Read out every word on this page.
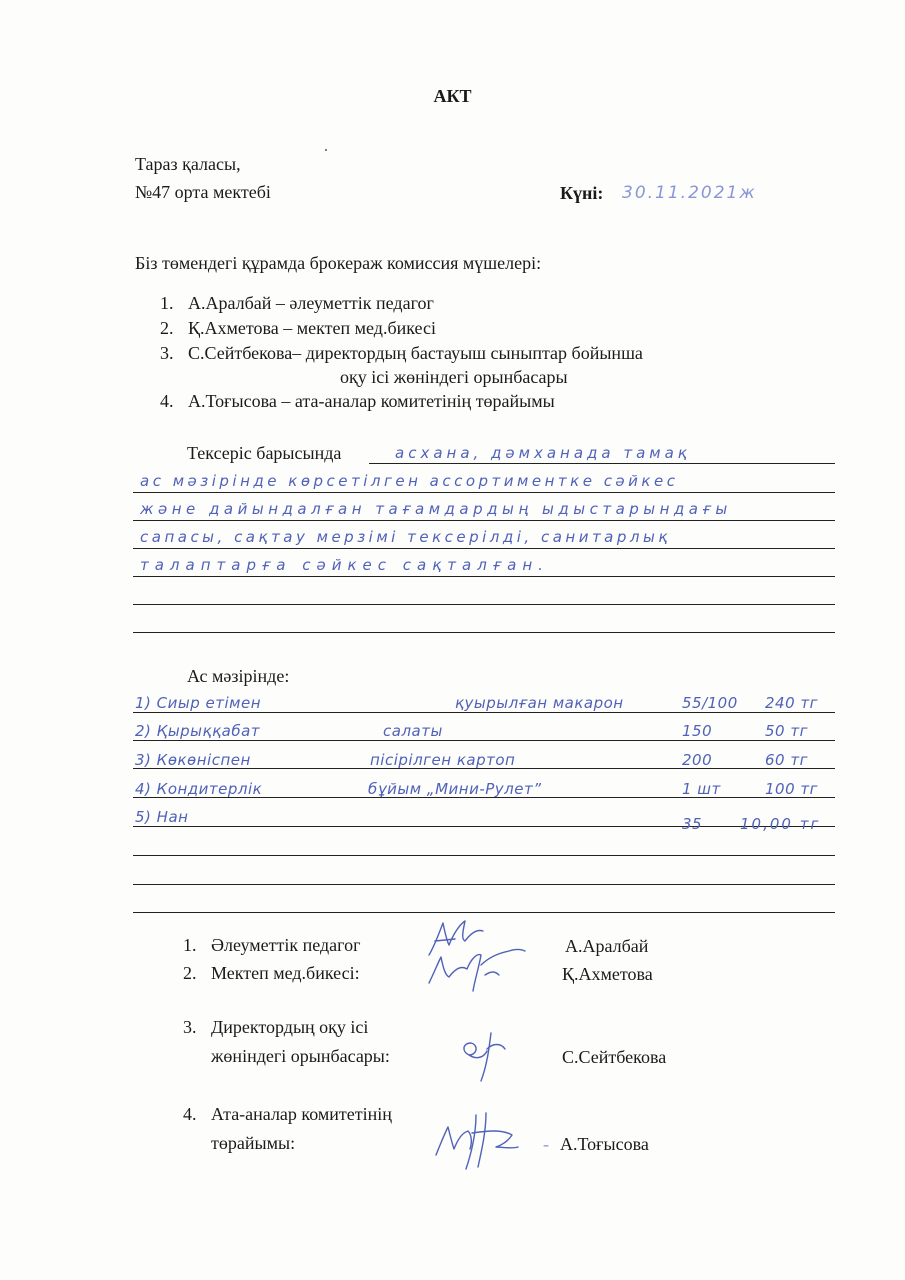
АКТ
Тараз қаласы,
№47 орта мектебі	Күні: 30.11.2021ж
Біз төмендегі құрамда брокераж комиссия мүшелері:
1. А.Аралбай – әлеуметтік педагог
2. Қ.Ахметова – мектеп мед.бикесі
3. С.Сейтбекова– директордың бастауыш сыныптар бойынша
оқу ісі жөніндегі орынбасары
4. А.Тоғысова – ата-аналар комитетінің төрайымы
Тексеріс барысында	асхана, дәмханада тамақ
ас мәзірінде көрсетілген ассортиментке сәйкес
және дайындалған тағамдардың ыдыстарындағы
сапасы, сақтау мерзімі тексерілді, санитарлық
талаптарға сәйкес сақталған.
Ас мәзірінде:
1) Сиыр етімен	қуырылған макарон	55/100 240 тг
2) Қырыққабат	салаты	150	50 тг
3) Көкөніспен	пісірілген картоп	200	60 тг
4) Кондитерлік	бұйым „Мини-Рулет”	1 шт	100 тг
5) Нан	35	10,00 тг
1. Әлеуметтік педагог	А.Аралбай
2. Мектеп мед.бикесі:	Қ.Ахметова
3. Директордың оқу ісі
жөніндегі орынбасары:	С.Сейтбекова
4. Ата-аналар комитетінің
төрайымы:	- А.Тоғысова
